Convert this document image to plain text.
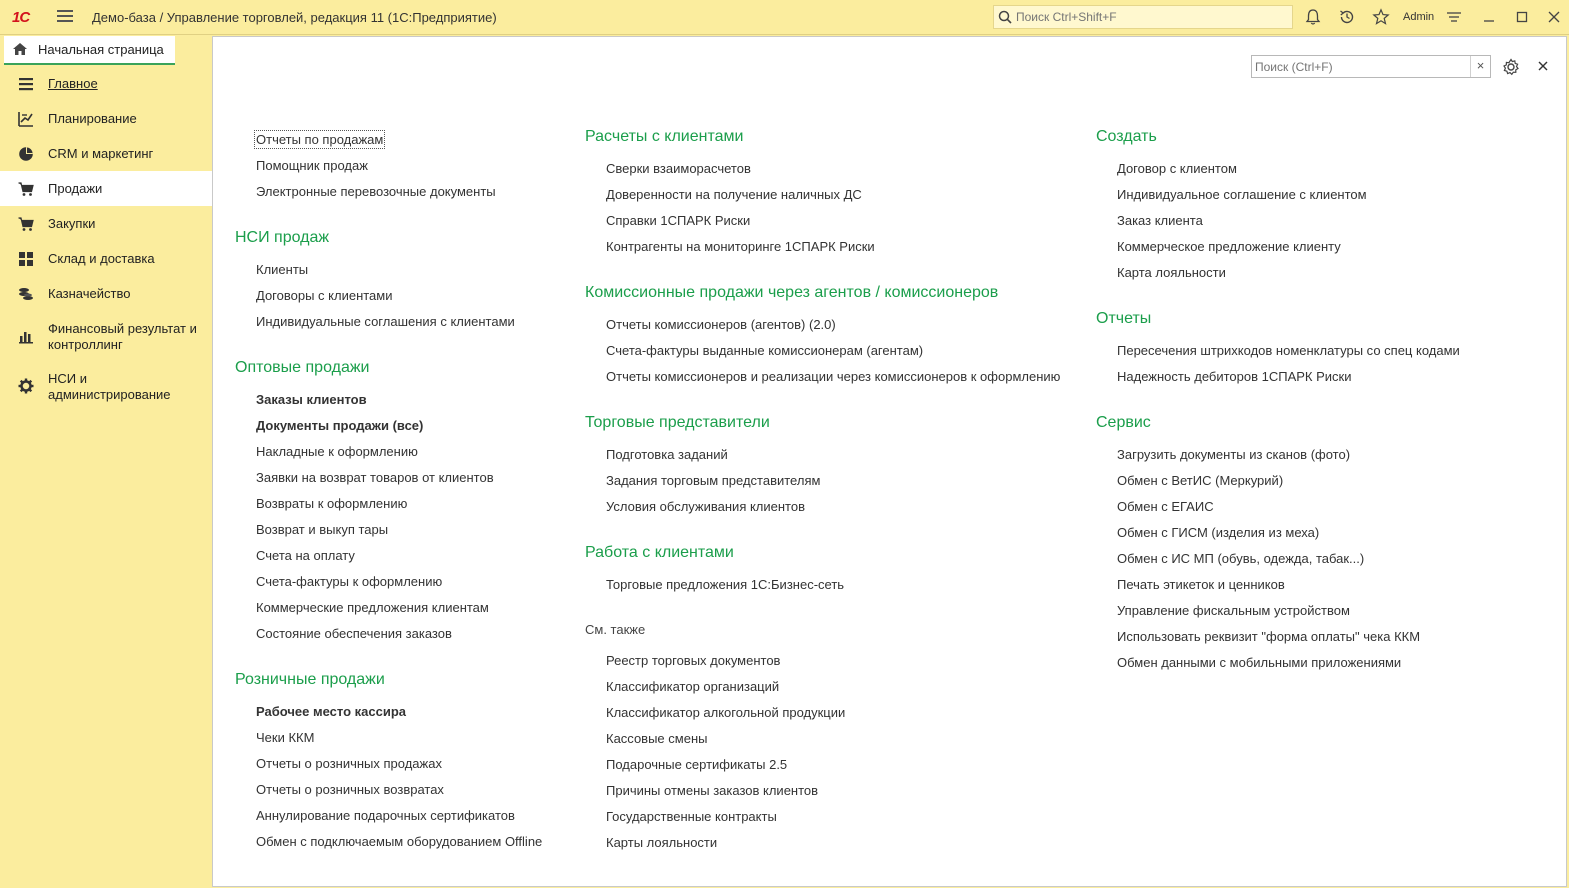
1С	Демо-база / Управление торговлей, редакция 11 (1С:Предприятие)
Поиск Ctrl+Shift+F	Admin
Начальная страница
Главное
Планирование
CRM и маркетинг
Продажи
Закупки
Склад и доставка
Казначейство
Финансовый результат и контроллинг
НСИ и администрирование
Поиск (Ctrl+F)
×
Отчеты по продажам
Помощник продаж
Электронные перевозочные документы
НСИ продаж
Клиенты
Договоры с клиентами
Индивидуальные соглашения с клиентами
Оптовые продажи
Заказы клиентов
Документы продажи (все)
Накладные к оформлению
Заявки на возврат товаров от клиентов
Возвраты к оформлению
Возврат и выкуп тары
Счета на оплату
Счета-фактуры к оформлению
Коммерческие предложения клиентам
Состояние обеспечения заказов
Розничные продажи
Рабочее место кассира
Чеки ККМ
Отчеты о розничных продажах
Отчеты о розничных возвратах
Аннулирование подарочных сертификатов
Обмен с подключаемым оборудованием Offline
Расчеты с клиентами
Сверки взаиморасчетов
Доверенности на получение наличных ДС
Справки 1СПАРК Риски
Контрагенты на мониторинге 1СПАРК Риски
Комиссионные продажи через агентов / комиссионеров
Отчеты комиссионеров (агентов) (2.0)
Счета-фактуры выданные комиссионерам (агентам)
Отчеты комиссионеров и реализации через комиссионеров к оформлению
Торговые представители
Подготовка заданий
Задания торговым представителям
Условия обслуживания клиентов
Работа с клиентами
Торговые предложения 1С:Бизнес-сеть
См. также
Реестр торговых документов
Классификатор организаций
Классификатор алкогольной продукции
Кассовые смены
Подарочные сертификаты 2.5
Причины отмены заказов клиентов
Государственные контракты
Карты лояльности
Создать
Договор с клиентом
Индивидуальное соглашение с клиентом
Заказ клиента
Коммерческое предложение клиенту
Карта лояльности
Отчеты
Пересечения штрихкодов номенклатуры со спец кодами
Надежность дебиторов 1СПАРК Риски
Сервис
Загрузить документы из сканов (фото)
Обмен с ВетИС (Меркурий)
Обмен с ЕГАИС
Обмен с ГИСМ (изделия из меха)
Обмен с ИС МП (обувь, одежда, табак...)
Печать этикеток и ценников
Управление фискальным устройством
Использовать реквизит "форма оплаты" чека ККМ
Обмен данными с мобильными приложениями
